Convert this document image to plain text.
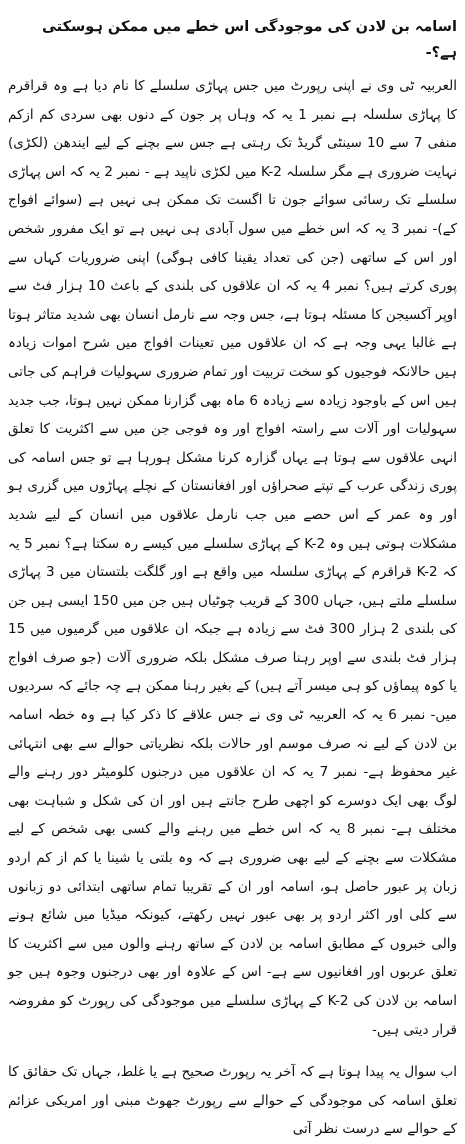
اسامہ بن لادن کی موجودگی اس خطے میں ممکن ہوسکتی ہے؟-

العربیہ ٹی وی نے اپنی رپورٹ میں جس پہاڑی سلسلے کا نام دیا ہے وہ قراقرم کا پہاڑی سلسلہ ہے نمبر 1 یہ کہ وہاں پر جون کے دنوں بھی سردی کم ازکم منفی 7 سے 10 سینٹی گریڈ تک رہتی ہے جس سے بچنے کے لیے ایندھن (لکڑی) نہایت ضروری ہے مگر سلسلہ K-2 میں لکڑی ناپید ہے - نمبر 2 یہ کہ اس پہاڑی سلسلے تک رسائی سوائے جون تا اگست تک ممکن ہی نہیں ہے (سوائے افواج کے)- نمبر 3 یہ کہ اس خطے میں سول آبادی ہی نہیں ہے تو ایک مفرور شخص اور اس کے ساتھی (جن کی تعداد یقینا کافی ہوگی) اپنی ضروریات کہاں سے پوری کرتے ہیں؟ نمبر 4 یہ کہ ان علاقوں کی بلندی کے باعث 10 ہزار فٹ سے اوپر آکسیجن کا مسئلہ ہوتا ہے، جس وجہ سے نارمل انسان بھی شدید متاثر ہوتا ہے غالبا یہی وجہ ہے کہ ان علاقوں میں تعینات افواج میں شرح اموات زیادہ ہیں حالانکہ فوجیوں کو سخت تربیت اور تمام ضروری سہولیات فراہم کی جاتی ہیں اس کے باوجود زیادہ سے زیادہ 6 ماہ بھی گزارنا ممکن نہیں ہوتا، جب جدید سہولیات اور آلات سے راستہ افواج اور وہ فوجی جن میں سے اکثریت کا تعلق انہی علاقوں سے ہوتا ہے یہاں گزارہ کرنا مشکل ہورہا ہے تو جس اسامہ کی پوری زندگی عرب کے تپتے صحراؤں اور افغانستان کے نچلے پہاڑوں میں گزری ہو اور وہ عمر کے اس حصے میں جب نارمل علاقوں میں انسان کے لیے شدید مشکلات ہوتی ہیں وہ K-2 کے پہاڑی سلسلے میں کیسے رہ سکتا ہے؟ نمبر 5 یہ کہ K-2 قراقرم کے پہاڑی سلسلہ میں واقع ہے اور گلگت بلتستان میں 3 پہاڑی سلسلے ملتے ہیں، جہاں 300 کے قریب چوٹیاں ہیں جن میں 150 ایسی ہیں جن کی بلندی 2 ہزار 300 فٹ سے زیادہ ہے جبکہ ان علاقوں میں گرمیوں میں 15 ہزار فٹ بلندی سے اوپر رہنا صرف مشکل بلکہ ضروری آلات (جو صرف افواج یا کوہ پیماؤں کو ہی میسر آتے ہیں) کے بغیر رہنا ممکن ہے چہ جائے کہ سردیوں میں- نمبر 6 یہ کہ العربیہ ٹی وی نے جس علاقے کا ذکر کیا ہے وہ خطہ اسامہ بن لادن کے لیے نہ صرف موسم اور حالات بلکہ نظریاتی حوالے سے بھی انتہائی غیر محفوظ ہے- نمبر 7 یہ کہ ان علاقوں میں درجنوں کلومیٹر دور رہنے والے لوگ بھی ایک دوسرے کو اچھی طرح جانتے ہیں اور ان کی شکل و شباہت بھی مختلف ہے- نمبر 8 یہ کہ اس خطے میں رہنے والے کسی بھی شخص کے لیے مشکلات سے بچنے کے لیے بھی ضروری ہے کہ وہ بلتی یا شینا یا کم از کم اردو زبان پر عبور حاصل ہو، اسامہ اور ان کے تقریبا تمام ساتھی ابتدائی دو زبانوں سے کلی اور اکثر اردو پر بھی عبور نہیں رکھتے، کیونکہ میڈیا میں شائع ہونے والی خبروں کے مطابق اسامہ بن لادن کے ساتھ رہنے والوں میں سے اکثریت کا تعلق عربوں اور افغانیوں سے ہے- اس کے علاوہ اور بھی درجنوں وجوہ ہیں جو اسامہ بن لادن کی K-2 کے پہاڑی سلسلے میں موجودگی کی رپورٹ کو مفروضہ قرار دیتی ہیں-

اب سوال یہ پیدا ہوتا ہے کہ آخر یہ رپورٹ صحیح ہے یا غلط، جہاں تک حقائق کا تعلق اسامہ کی موجودگی کے حوالے سے رپورٹ جھوٹ مبنی اور امریکی عزائم کے حوالے سے درست نظر آتی
